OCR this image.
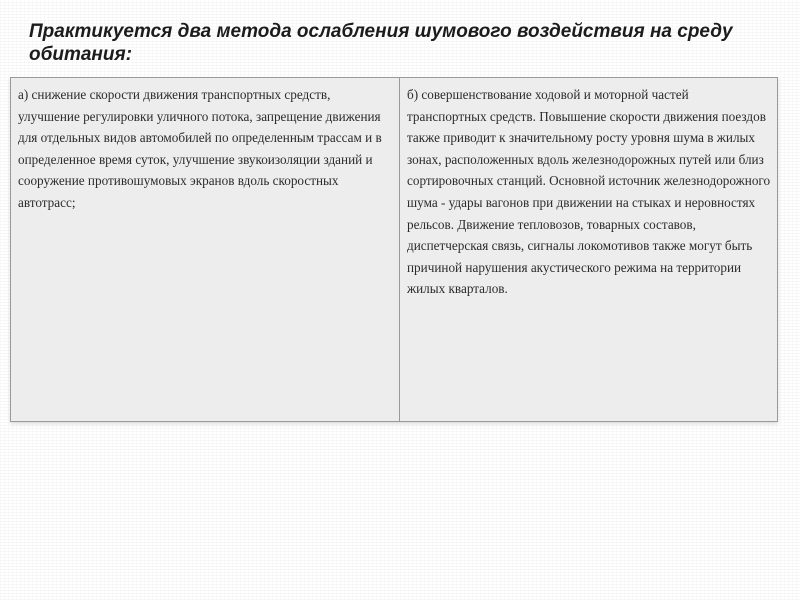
Практикуется два метода ослабления шумового воздействия на среду обитания:
а) снижение скорости движения транспортных средств, улучшение регулировки уличного потока, запрещение движения для отдельных видов автомобилей по определенным трассам и в определенное время суток, улучшение звукоизоляции зданий и сооружение противошумовых экранов вдоль скоростных автотрасс;

б) совершенствование ходовой и моторной частей транспортных средств. Повышение скорости движения поездов также приводит к значительному росту уровня шума в жилых зонах, расположенных вдоль железнодорожных путей или близ сортировочных станций. Основной источник железнодорожного шума - удары вагонов при движении на стыках и неровностях рельсов. Движение тепловозов, товарных составов, диспетчерская связь, сигналы локомотивов также могут быть причиной нарушения акустического режима на территории жилых кварталов.
